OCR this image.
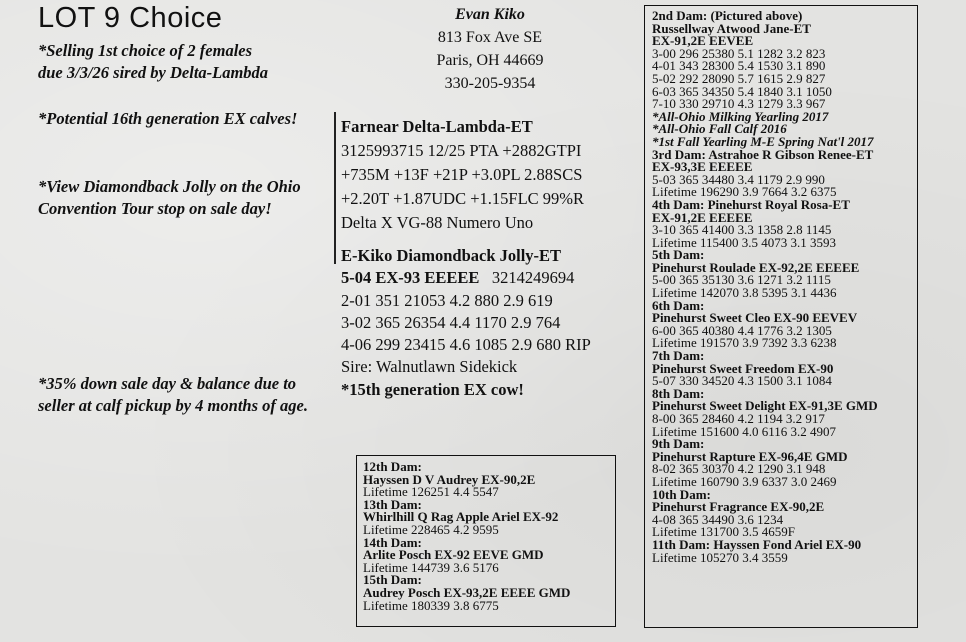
LOT 9 Choice
*Selling 1st choice of 2 females
due 3/3/26 sired by Delta-Lambda
*Potential 16th generation EX calves!
*View Diamondback Jolly on the Ohio
Convention Tour stop on sale day!
*35% down sale day & balance due to
seller at calf pickup by 4 months of age.
Evan Kiko
813 Fox Ave SE
Paris, OH 44669
330-205-9354
Farnear Delta-Lambda-ET
3125993715 12/25 PTA +2882GTPI
+735M +13F +21P +3.0PL 2.88SCS
+2.20T +1.87UDC +1.15FLC 99%R
Delta X VG-88 Numero Uno
E-Kiko Diamondback Jolly-ET
5-04 EX-93 EEEEE   3214249694
2-01 351 21053 4.2 880 2.9 619
3-02 365 26354 4.4 1170 2.9 764
4-06 299 23415 4.6 1085 2.9 680 RIP
Sire: Walnutlawn Sidekick
*15th generation EX cow!
2nd Dam: (Pictured above)
Russellway Atwood Jane-ET
EX-91,2E EEVEE
3-00 296 25380 5.1 1282 3.2 823
4-01 343 28300 5.4 1530 3.1 890
5-02 292 28090 5.7 1615 2.9 827
6-03 365 34350 5.4 1840 3.1 1050
7-10 330 29710 4.3 1279 3.3 967
*All-Ohio Milking Yearling 2017
*All-Ohio Fall Calf 2016
*1st Fall Yearling M-E Spring Nat'l 2017
3rd Dam: Astrahoe R Gibson Renee-ET
EX-93,3E EEEEE
5-03 365 34480 3.4 1179 2.9 990
Lifetime 196290 3.9 7664 3.2 6375
4th Dam: Pinehurst Royal Rosa-ET
EX-91,2E EEEEE
3-10 365 41400 3.3 1358 2.8 1145
Lifetime 115400 3.5 4073 3.1 3593
5th Dam:
Pinehurst Roulade EX-92,2E EEEEE
5-00 365 35130 3.6 1271 3.2 1115
Lifetime 142070 3.8 5395 3.1 4436
6th Dam:
Pinehurst Sweet Cleo EX-90 EEVEV
6-00 365 40380 4.4 1776 3.2 1305
Lifetime 191570 3.9 7392 3.3 6238
7th Dam:
Pinehurst Sweet Freedom EX-90
5-07 330 34520 4.3 1500 3.1 1084
8th Dam:
Pinehurst Sweet Delight EX-91,3E GMD
8-00 365 28460 4.2 1194 3.2 917
Lifetime 151600 4.0 6116 3.2 4907
9th Dam:
Pinehurst Rapture EX-96,4E GMD
8-02 365 30370 4.2 1290 3.1 948
Lifetime 160790 3.9 6337 3.0 2469
10th Dam:
Pinehurst Fragrance EX-90,2E
4-08 365 34490 3.6 1234
Lifetime 131700 3.5 4659F
11th Dam: Hayssen Fond Ariel EX-90
Lifetime 105270 3.4 3559
12th Dam:
Hayssen D V Audrey EX-90,2E
Lifetime 126251 4.4 5547
13th Dam:
Whirlhill Q Rag Apple Ariel EX-92
Lifetime 228465 4.2 9595
14th Dam:
Arlite Posch EX-92 EEVE GMD
Lifetime 144739 3.6 5176
15th Dam:
Audrey Posch EX-93,2E EEEE GMD
Lifetime 180339 3.8 6775
